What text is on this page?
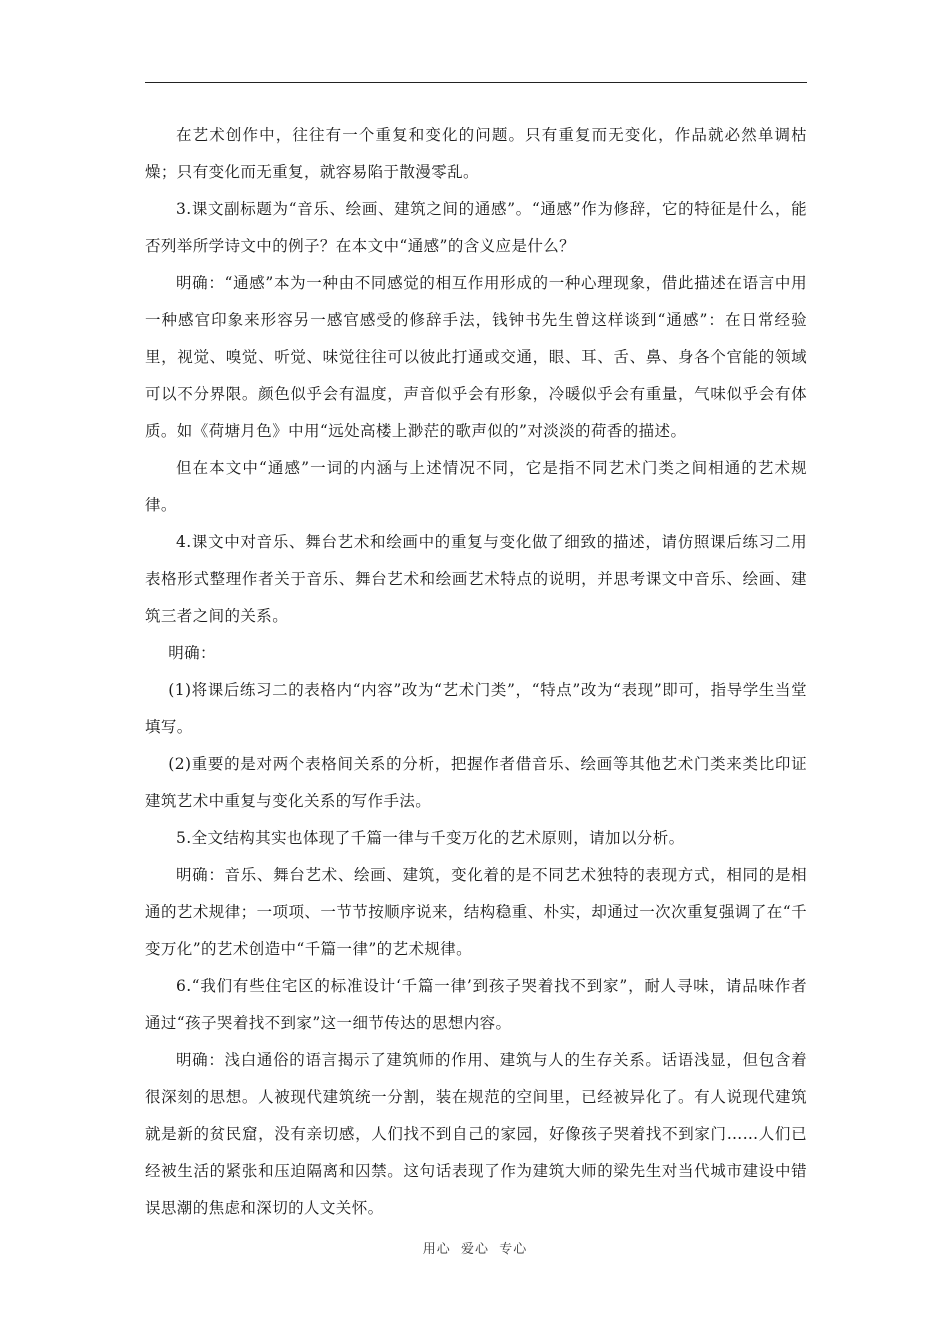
在艺术创作中，往往有一个重复和变化的问题。只有重复而无变化，作品就必然单调枯燥；只有变化而无重复，就容易陷于散漫零乱。

3.课文副标题为“音乐、绘画、建筑之间的通感”。“通感”作为修辞，它的特征是什么，能否列举所学诗文中的例子？在本文中“通感”的含义应是什么？

明确：“通感”本为一种由不同感觉的相互作用形成的一种心理现象，借此描述在语言中用一种感官印象来形容另一感官感受的修辞手法，钱钟书先生曾这样谈到“通感”：在日常经验里，视觉、嗅觉、听觉、味觉往往可以彼此打通或交通，眼、耳、舌、鼻、身各个官能的领域可以不分界限。颜色似乎会有温度，声音似乎会有形象，冷暖似乎会有重量，气味似乎会有体质。如《荷塘月色》中用“远处高楼上渺茫的歌声似的”对淡淡的荷香的描述。

但在本文中“通感”一词的内涵与上述情况不同，它是指不同艺术门类之间相通的艺术规律。

4.课文中对音乐、舞台艺术和绘画中的重复与变化做了细致的描述，请仿照课后练习二用表格形式整理作者关于音乐、舞台艺术和绘画艺术特点的说明，并思考课文中音乐、绘画、建筑三者之间的关系。

明确：

(1)将课后练习二的表格内“内容”改为“艺术门类”，“特点”改为“表现”即可，指导学生当堂填写。

(2)重要的是对两个表格间关系的分析，把握作者借音乐、绘画等其他艺术门类来类比印证建筑艺术中重复与变化关系的写作手法。

5.全文结构其实也体现了千篇一律与千变万化的艺术原则，请加以分析。

明确：音乐、舞台艺术、绘画、建筑，变化着的是不同艺术独特的表现方式，相同的是相通的艺术规律；一项项、一节节按顺序说来，结构稳重、朴实，却通过一次次重复强调了在“千变万化”的艺术创造中“千篇一律”的艺术规律。

6.“我们有些住宅区的标准设计‘千篇一律’到孩子哭着找不到家”，耐人寻味，请品味作者通过“孩子哭着找不到家”这一细节传达的思想内容。

明确：浅白通俗的语言揭示了建筑师的作用、建筑与人的生存关系。话语浅显，但包含着很深刻的思想。人被现代建筑统一分割，装在规范的空间里，已经被异化了。有人说现代建筑就是新的贫民窟，没有亲切感，人们找不到自己的家园，好像孩子哭着找不到家门……人们已经被生活的紧张和压迫隔离和囚禁。这句话表现了作为建筑大师的梁先生对当代城市建设中错误思潮的焦虑和深切的人文关怀。

用心  爱心  专心
